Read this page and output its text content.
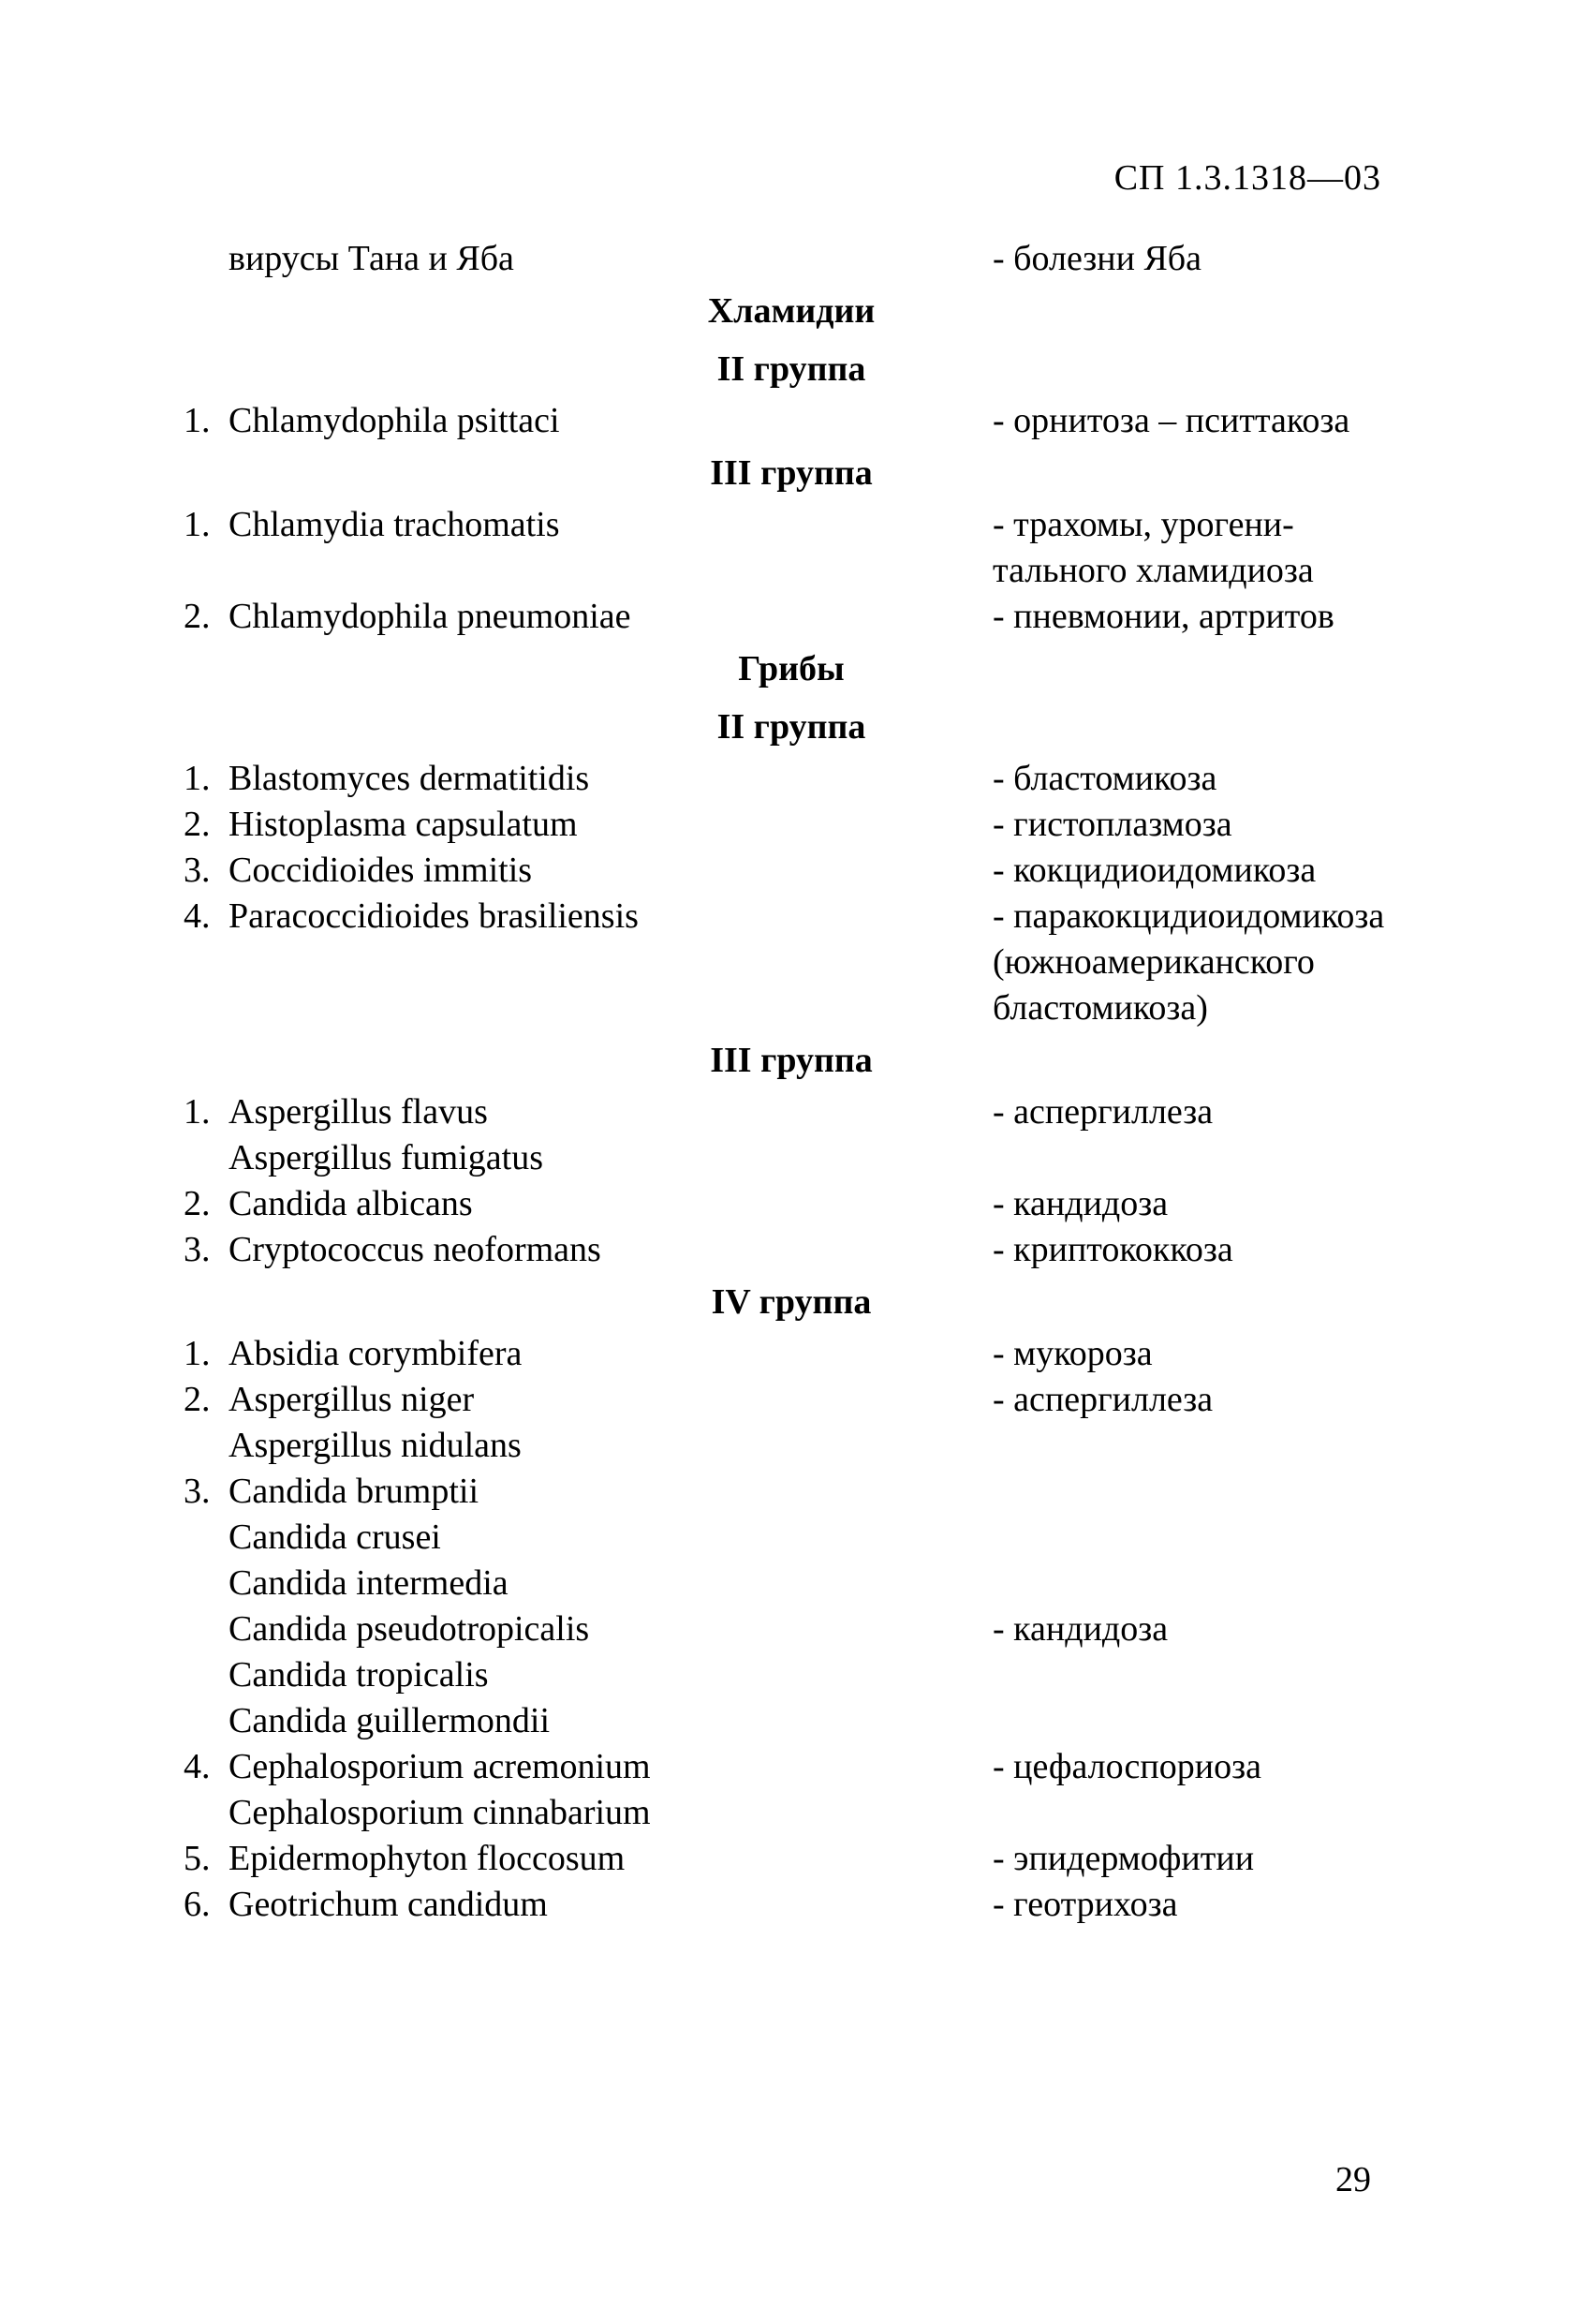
СП 1.3.1318—03
вирусы Тана и Яба	- болезни Яба
Хламидии
II группа
1. Chlamydophila psittaci	- орнитоза – пситтакоза
III группа
1. Chlamydia trachomatis	- трахомы, урогени-
тального хламидиоза
2. Chlamydophila pneumoniae	- пневмонии, артритов
Грибы
II группа
1. Blastomyces dermatitidis	- бластомикоза
2. Histoplasma capsulatum	- гистоплазмоза
3. Coccidioides immitis	- кокцидиоидомикоза
4. Paracoccidioides brasiliensis	- паракокцидиоидомикоза
(южноамериканского
бластомикоза)
III группа
1. Aspergillus flavus	- аспергиллеза
Aspergillus fumigatus
2. Candida albicans	- кандидоза
3. Cryptococcus neoformans	- криптококкоза
IV группа
1. Absidia corymbifera	- мукороза
2. Aspergillus niger	- аспергиллеза
Aspergillus nidulans
3. Candida brumptii
Candida crusei
Candida intermedia
Candida pseudotropicalis	- кандидоза
Candida tropicalis
Candida guillermondii
4. Cephalosporium acremonium	- цефалоспориоза
Cephalosporium cinnabarium
5. Epidermophyton floccosum	- эпидермофитии
6. Geotrichum candidum	- геотрихоза
29
